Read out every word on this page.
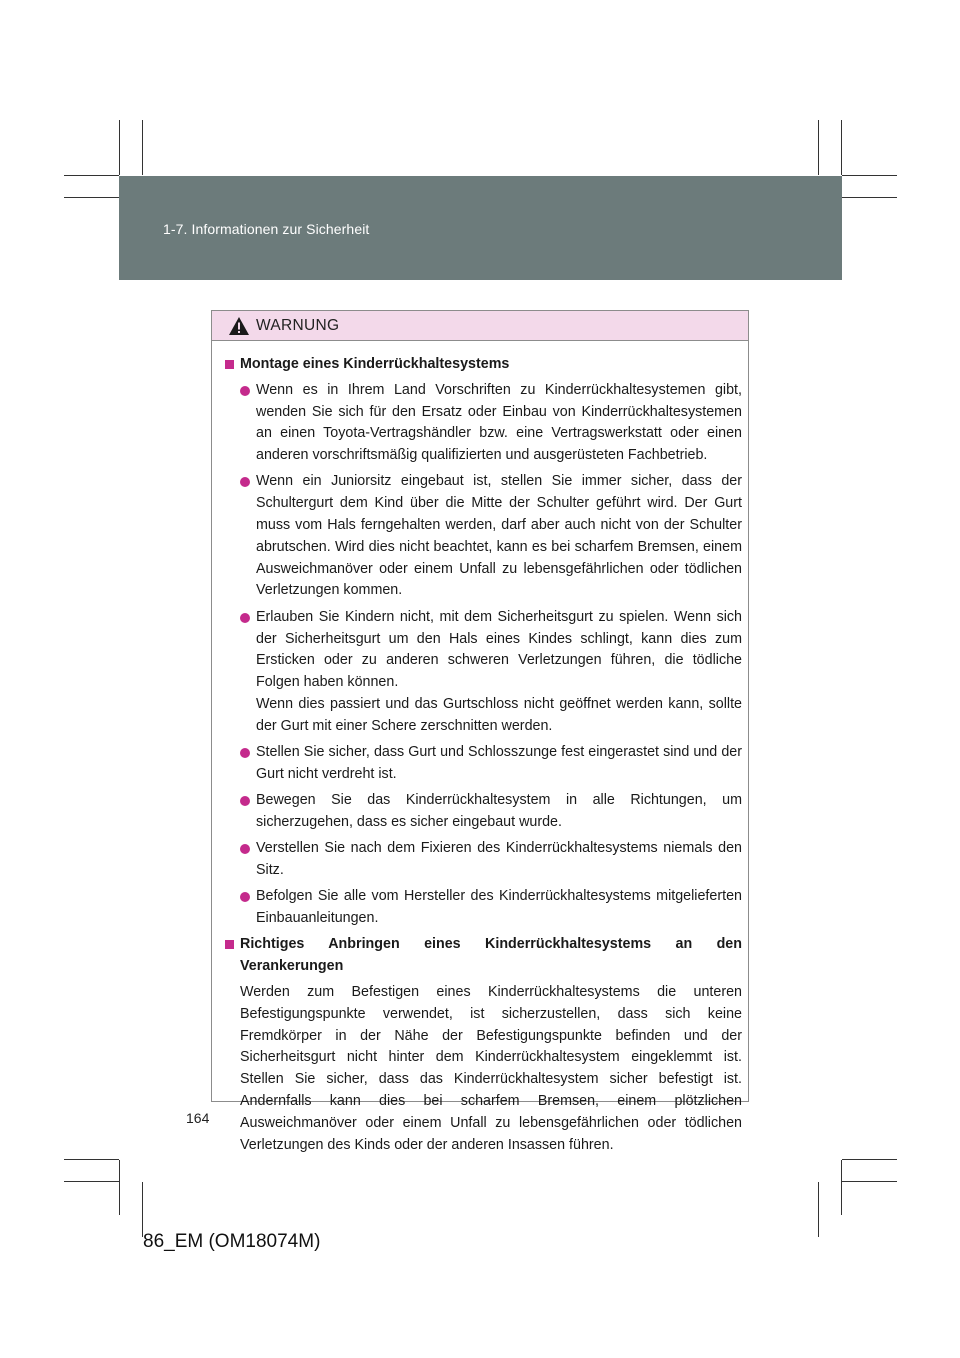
1-7. Informationen zur Sicherheit
WARNUNG
Montage eines Kinderrückhaltesystems
Wenn es in Ihrem Land Vorschriften zu Kinderrückhaltesystemen gibt, wenden Sie sich für den Ersatz oder Einbau von Kinderrückhaltesystemen an einen Toyota-Vertragshändler bzw. eine Vertragswerkstatt oder einen anderen vorschriftsmäßig qualifizierten und ausgerüsteten Fachbetrieb.
Wenn ein Juniorsitz eingebaut ist, stellen Sie immer sicher, dass der Schultergurt dem Kind über die Mitte der Schulter geführt wird. Der Gurt muss vom Hals ferngehalten werden, darf aber auch nicht von der Schulter abrutschen. Wird dies nicht beachtet, kann es bei scharfem Bremsen, einem Ausweichmanöver oder einem Unfall zu lebensgefährlichen oder tödlichen Verletzungen kommen.
Erlauben Sie Kindern nicht, mit dem Sicherheitsgurt zu spielen. Wenn sich der Sicherheitsgurt um den Hals eines Kindes schlingt, kann dies zum Ersticken oder zu anderen schweren Verletzungen führen, die tödliche Folgen haben können.
Wenn dies passiert und das Gurtschloss nicht geöffnet werden kann, sollte der Gurt mit einer Schere zerschnitten werden.
Stellen Sie sicher, dass Gurt und Schlosszunge fest eingerastet sind und der Gurt nicht verdreht ist.
Bewegen Sie das Kinderrückhaltesystem in alle Richtungen, um sicherzugehen, dass es sicher eingebaut wurde.
Verstellen Sie nach dem Fixieren des Kinderrückhaltesystems niemals den Sitz.
Befolgen Sie alle vom Hersteller des Kinderrückhaltesystems mitgelieferten Einbauanleitungen.
Richtiges Anbringen eines Kinderrückhaltesystems an den Verankerungen
Werden zum Befestigen eines Kinderrückhaltesystems die unteren Befestigungspunkte verwendet, ist sicherzustellen, dass sich keine Fremdkörper in der Nähe der Befestigungspunkte befinden und der Sicherheitsgurt nicht hinter dem Kinderrückhaltesystem eingeklemmt ist. Stellen Sie sicher, dass das Kinderrückhaltesystem sicher befestigt ist. Andernfalls kann dies bei scharfem Bremsen, einem plötzlichen Ausweichmanöver oder einem Unfall zu lebensgefährlichen oder tödlichen Verletzungen des Kinds oder der anderen Insassen führen.
164
86_EM (OM18074M)
